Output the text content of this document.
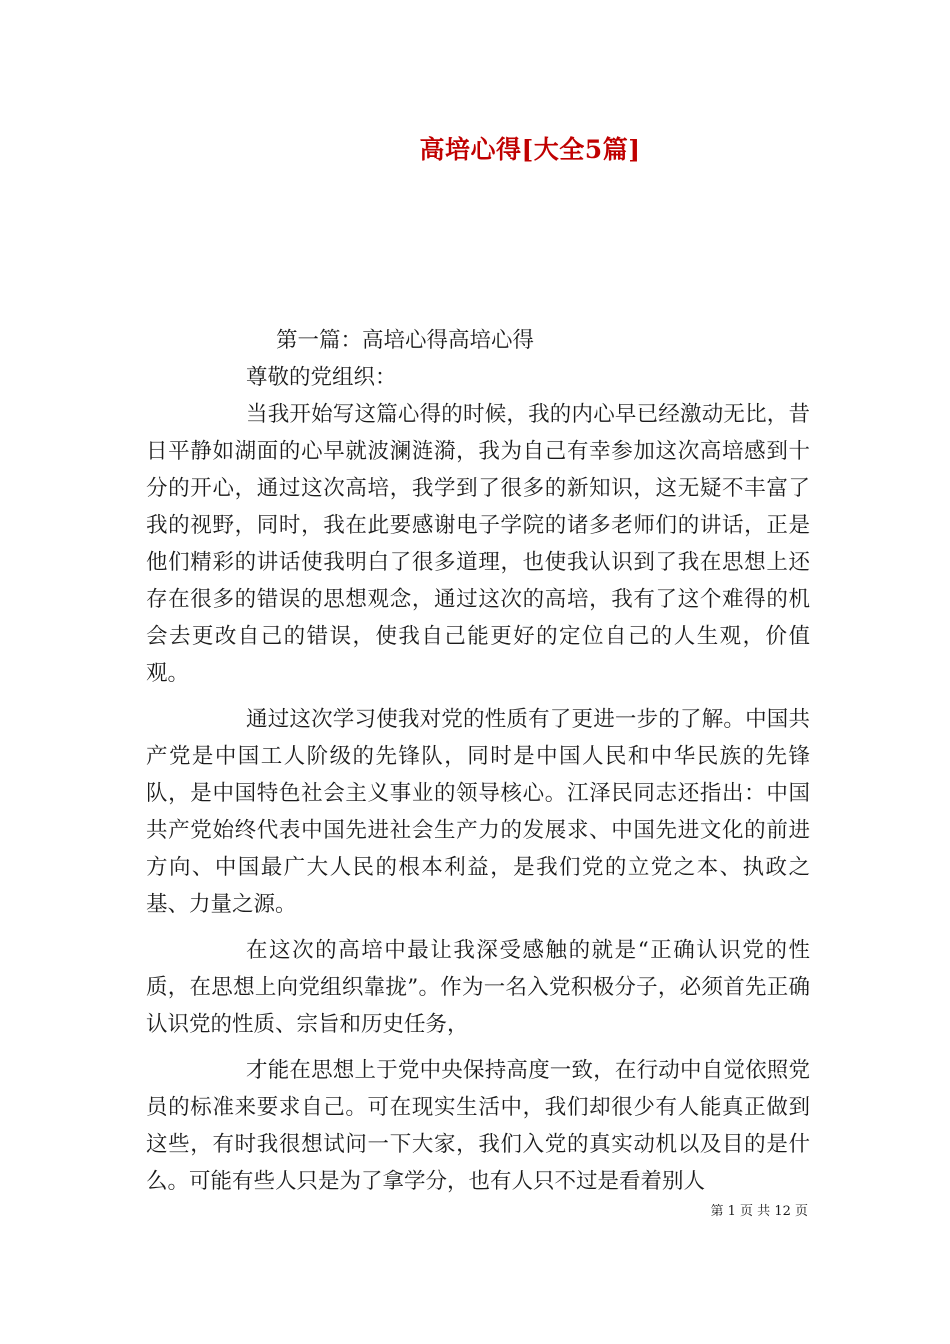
高培心得[大全5篇]

第一篇：高培心得高培心得

尊敬的党组织：

当我开始写这篇心得的时候，我的内心早已经激动无比，昔日平静如湖面的心早就波澜涟漪，我为自己有幸参加这次高培感到十分的开心，通过这次高培，我学到了很多的新知识，这无疑不丰富了我的视野，同时，我在此要感谢电子学院的诸多老师们的讲话，正是他们精彩的讲话使我明白了很多道理，也使我认识到了我在思想上还存在很多的错误的思想观念，通过这次的高培，我有了这个难得的机会去更改自己的错误，使我自己能更好的定位自己的人生观，价值观。

通过这次学习使我对党的性质有了更进一步的了解。中国共产党是中国工人阶级的先锋队，同时是中国人民和中华民族的先锋队，是中国特色社会主义事业的领导核心。江泽民同志还指出：中国共产党始终代表中国先进社会生产力的发展求、中国先进文化的前进方向、中国最广大人民的根本利益，是我们党的立党之本、执政之基、力量之源。

在这次的高培中最让我深受感触的就是“正确认识党的性质，在思想上向党组织靠拢”。作为一名入党积极分子，必须首先正确认识党的性质、宗旨和历史任务，

才能在思想上于党中央保持高度一致，在行动中自觉依照党员的标准来要求自己。可在现实生活中，我们却很少有人能真正做到这些，有时我很想试问一下大家，我们入党的真实动机以及目的是什么。可能有些人只是为了拿学分，也有人只不过是看着别人

第 1 页 共 12 页
